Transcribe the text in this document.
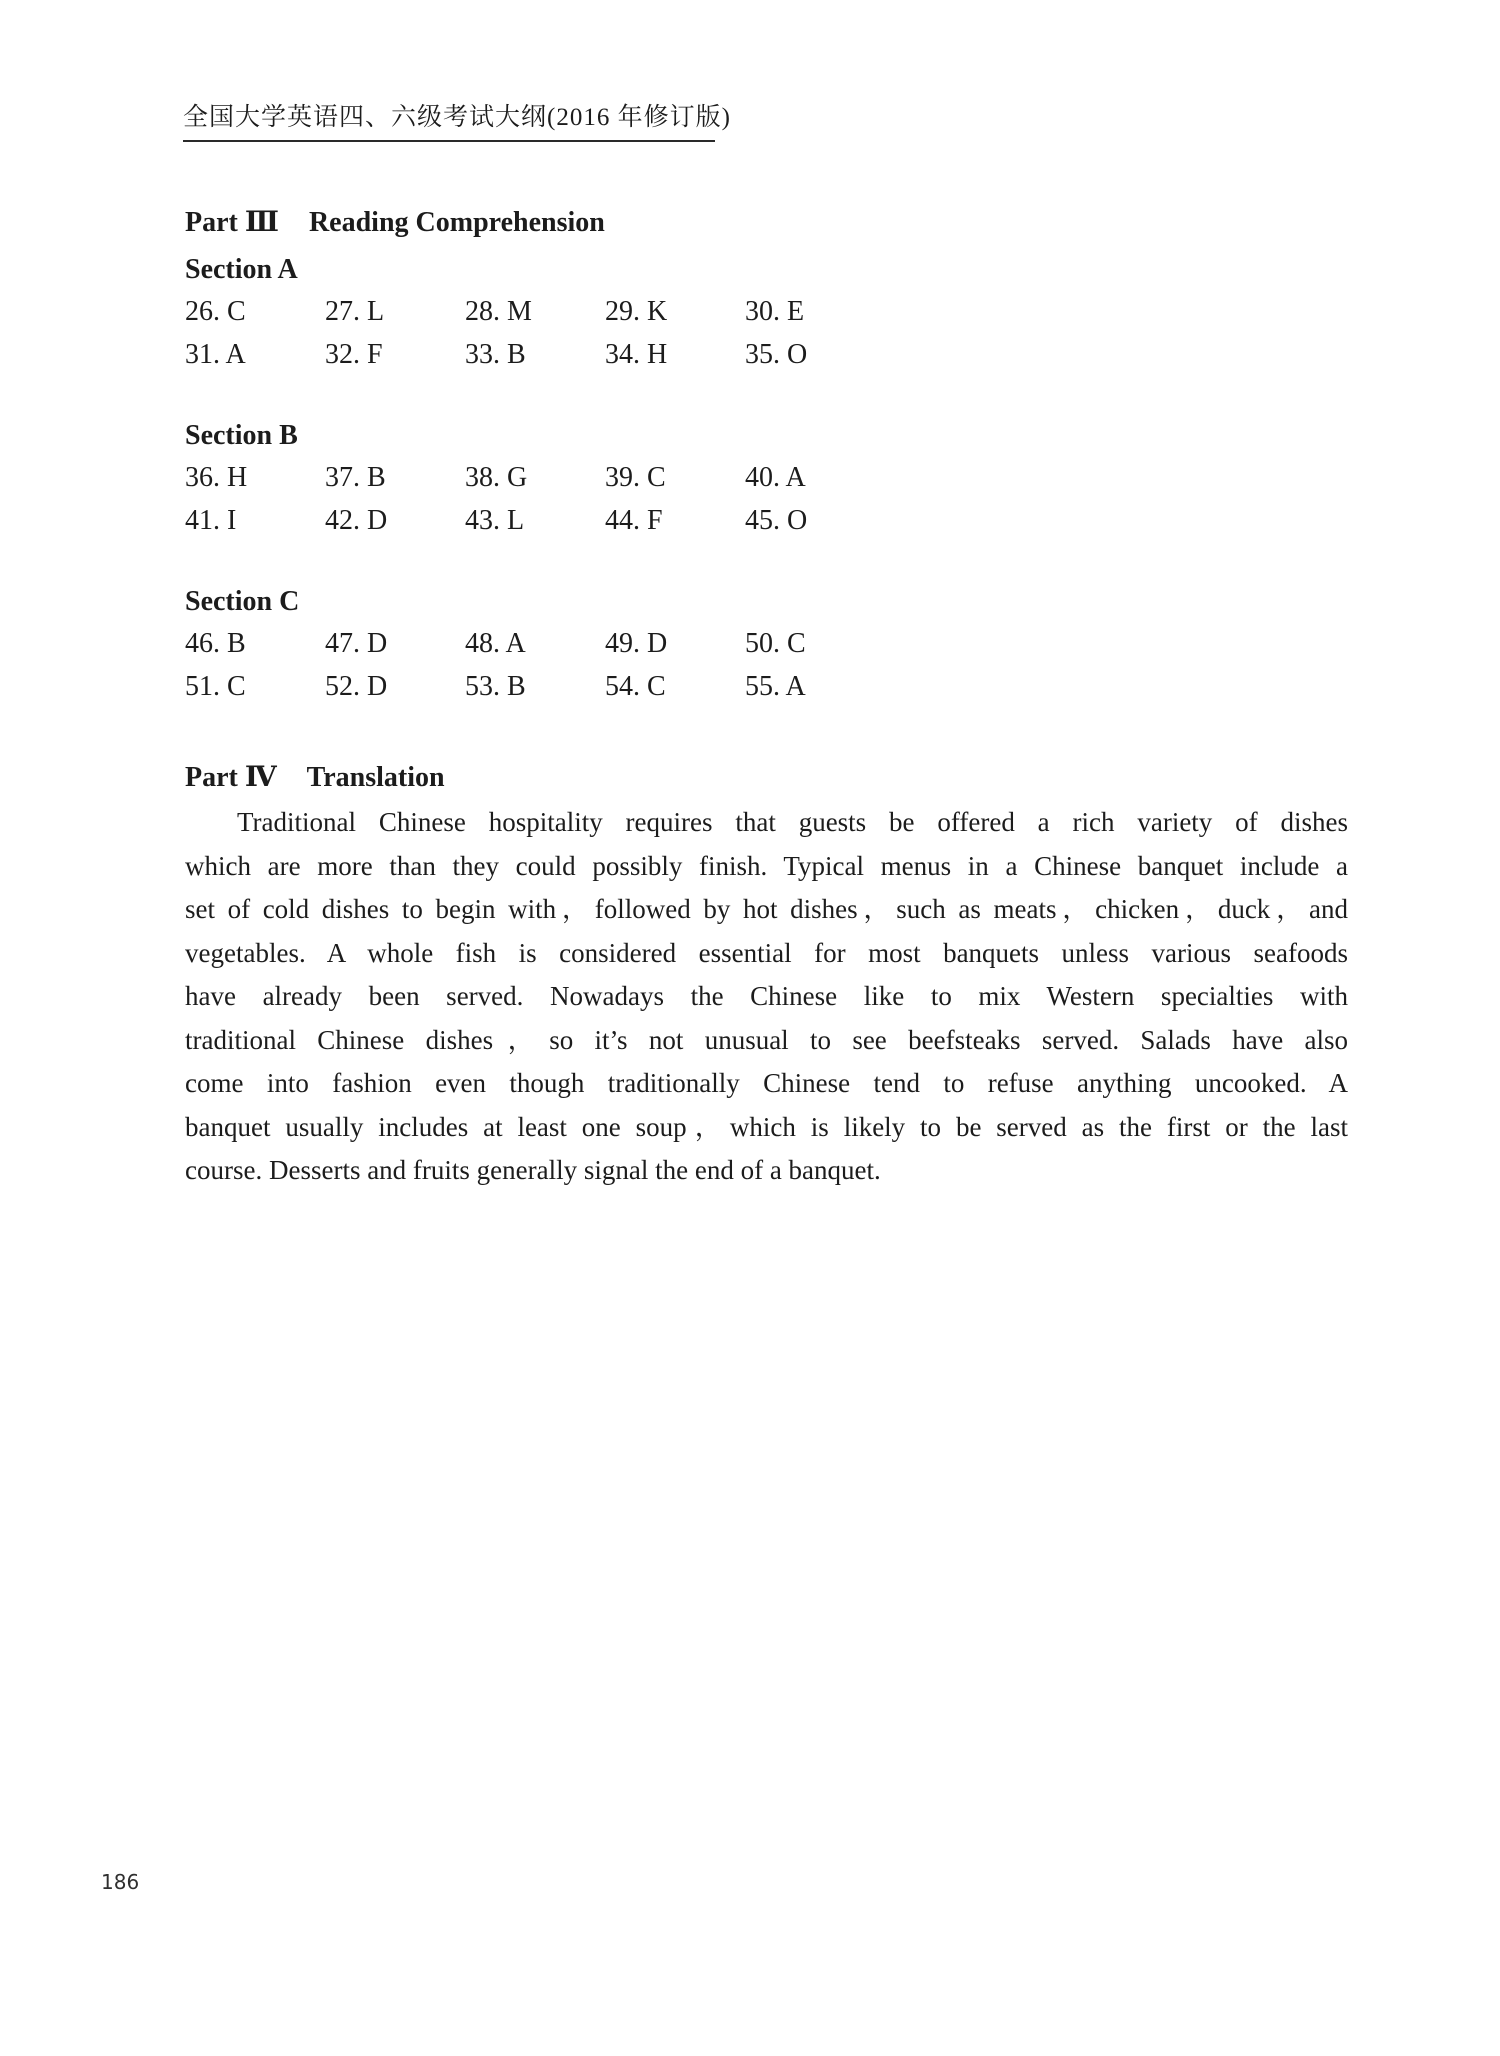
全国大学英语四、六级考试大纲(2016 年修订版)
Part Ⅲ Reading Comprehension
Section A
26. C	27. L	28. M	29. K	30. E
31. A	32. F	33. B	34. H	35. O
Section B
36. H	37. B	38. G	39. C	40. A
41. I	42. D	43. L	44. F	45. O
Section C
46. B	47. D	48. A	49. D	50. C
51. C	52. D	53. B	54. C	55. A
Part Ⅳ Translation
Traditional Chinese hospitality requires that guests be offered a rich variety of dishes
which are more than they could possibly finish. Typical menus in a Chinese banquet include a
set of cold dishes to begin with，followed by hot dishes，such as meats，chicken，duck，and
vegetables. A whole fish is considered essential for most banquets unless various seafoods
have already been served. Nowadays the Chinese like to mix Western specialties with
traditional Chinese dishes，so it’s not unusual to see beefsteaks served. Salads have also
come into fashion even though traditionally Chinese tend to refuse anything uncooked. A
banquet usually includes at least one soup，which is likely to be served as the first or the last
course. Desserts and fruits generally signal the end of a banquet.
186
